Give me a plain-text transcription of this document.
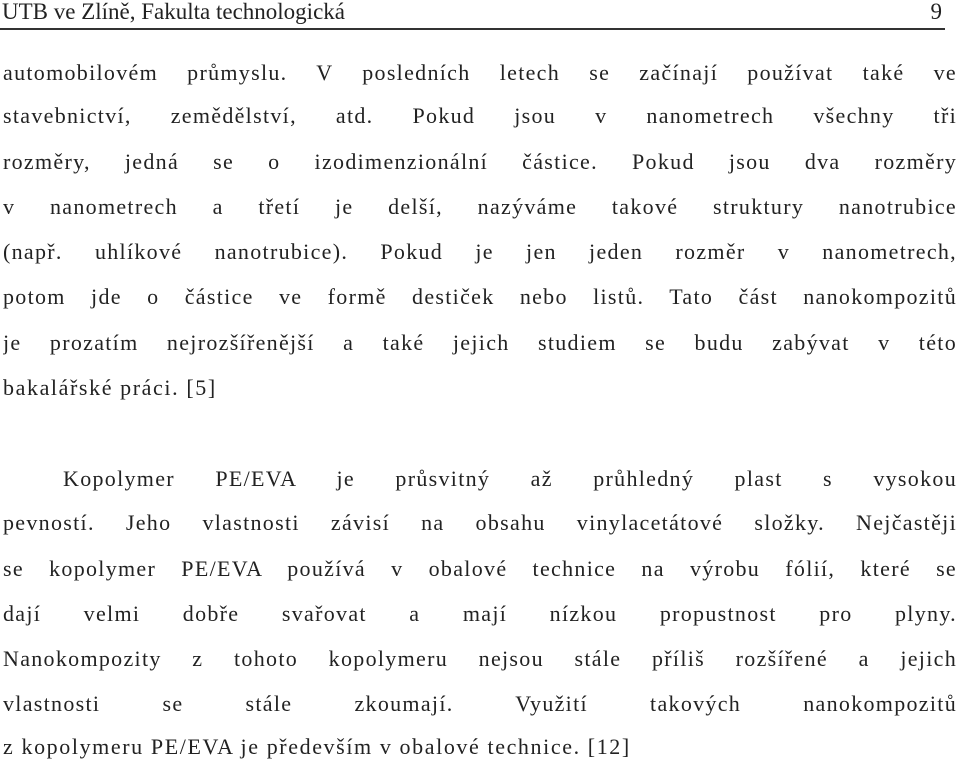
UTB ve Zlíně, Fakulta technologická	9
automobilovém průmyslu. V posledních letech se začínají používat také ve
stavebnictví, zemědělství, atd. Pokud jsou v nanometrech všechny tři
rozměry, jedná se o izodimenzionální částice. Pokud jsou dva rozměry
v nanometrech a třetí je delší, nazýváme takové struktury nanotrubice
(např. uhlíkové nanotrubice). Pokud je jen jeden rozměr v nanometrech,
potom jde o částice ve formě destiček nebo listů. Tato část nanokompozitů
je prozatím nejrozšířenější a také jejich studiem se budu zabývat v této
bakalářské práci. [5]
Kopolymer PE/EVA je průsvitný až průhledný plast s vysokou
pevností. Jeho vlastnosti závisí na obsahu vinylacetátové složky. Nejčastěji
se kopolymer PE/EVA používá v obalové technice na výrobu fólií, které se
dají velmi dobře svařovat a mají nízkou propustnost pro plyny.
Nanokompozity z tohoto kopolymeru nejsou stále příliš rozšířené a jejich
vlastnosti se stále zkoumají. Využití takových nanokompozitů
z kopolymeru PE/EVA je především v obalové technice. [12]
